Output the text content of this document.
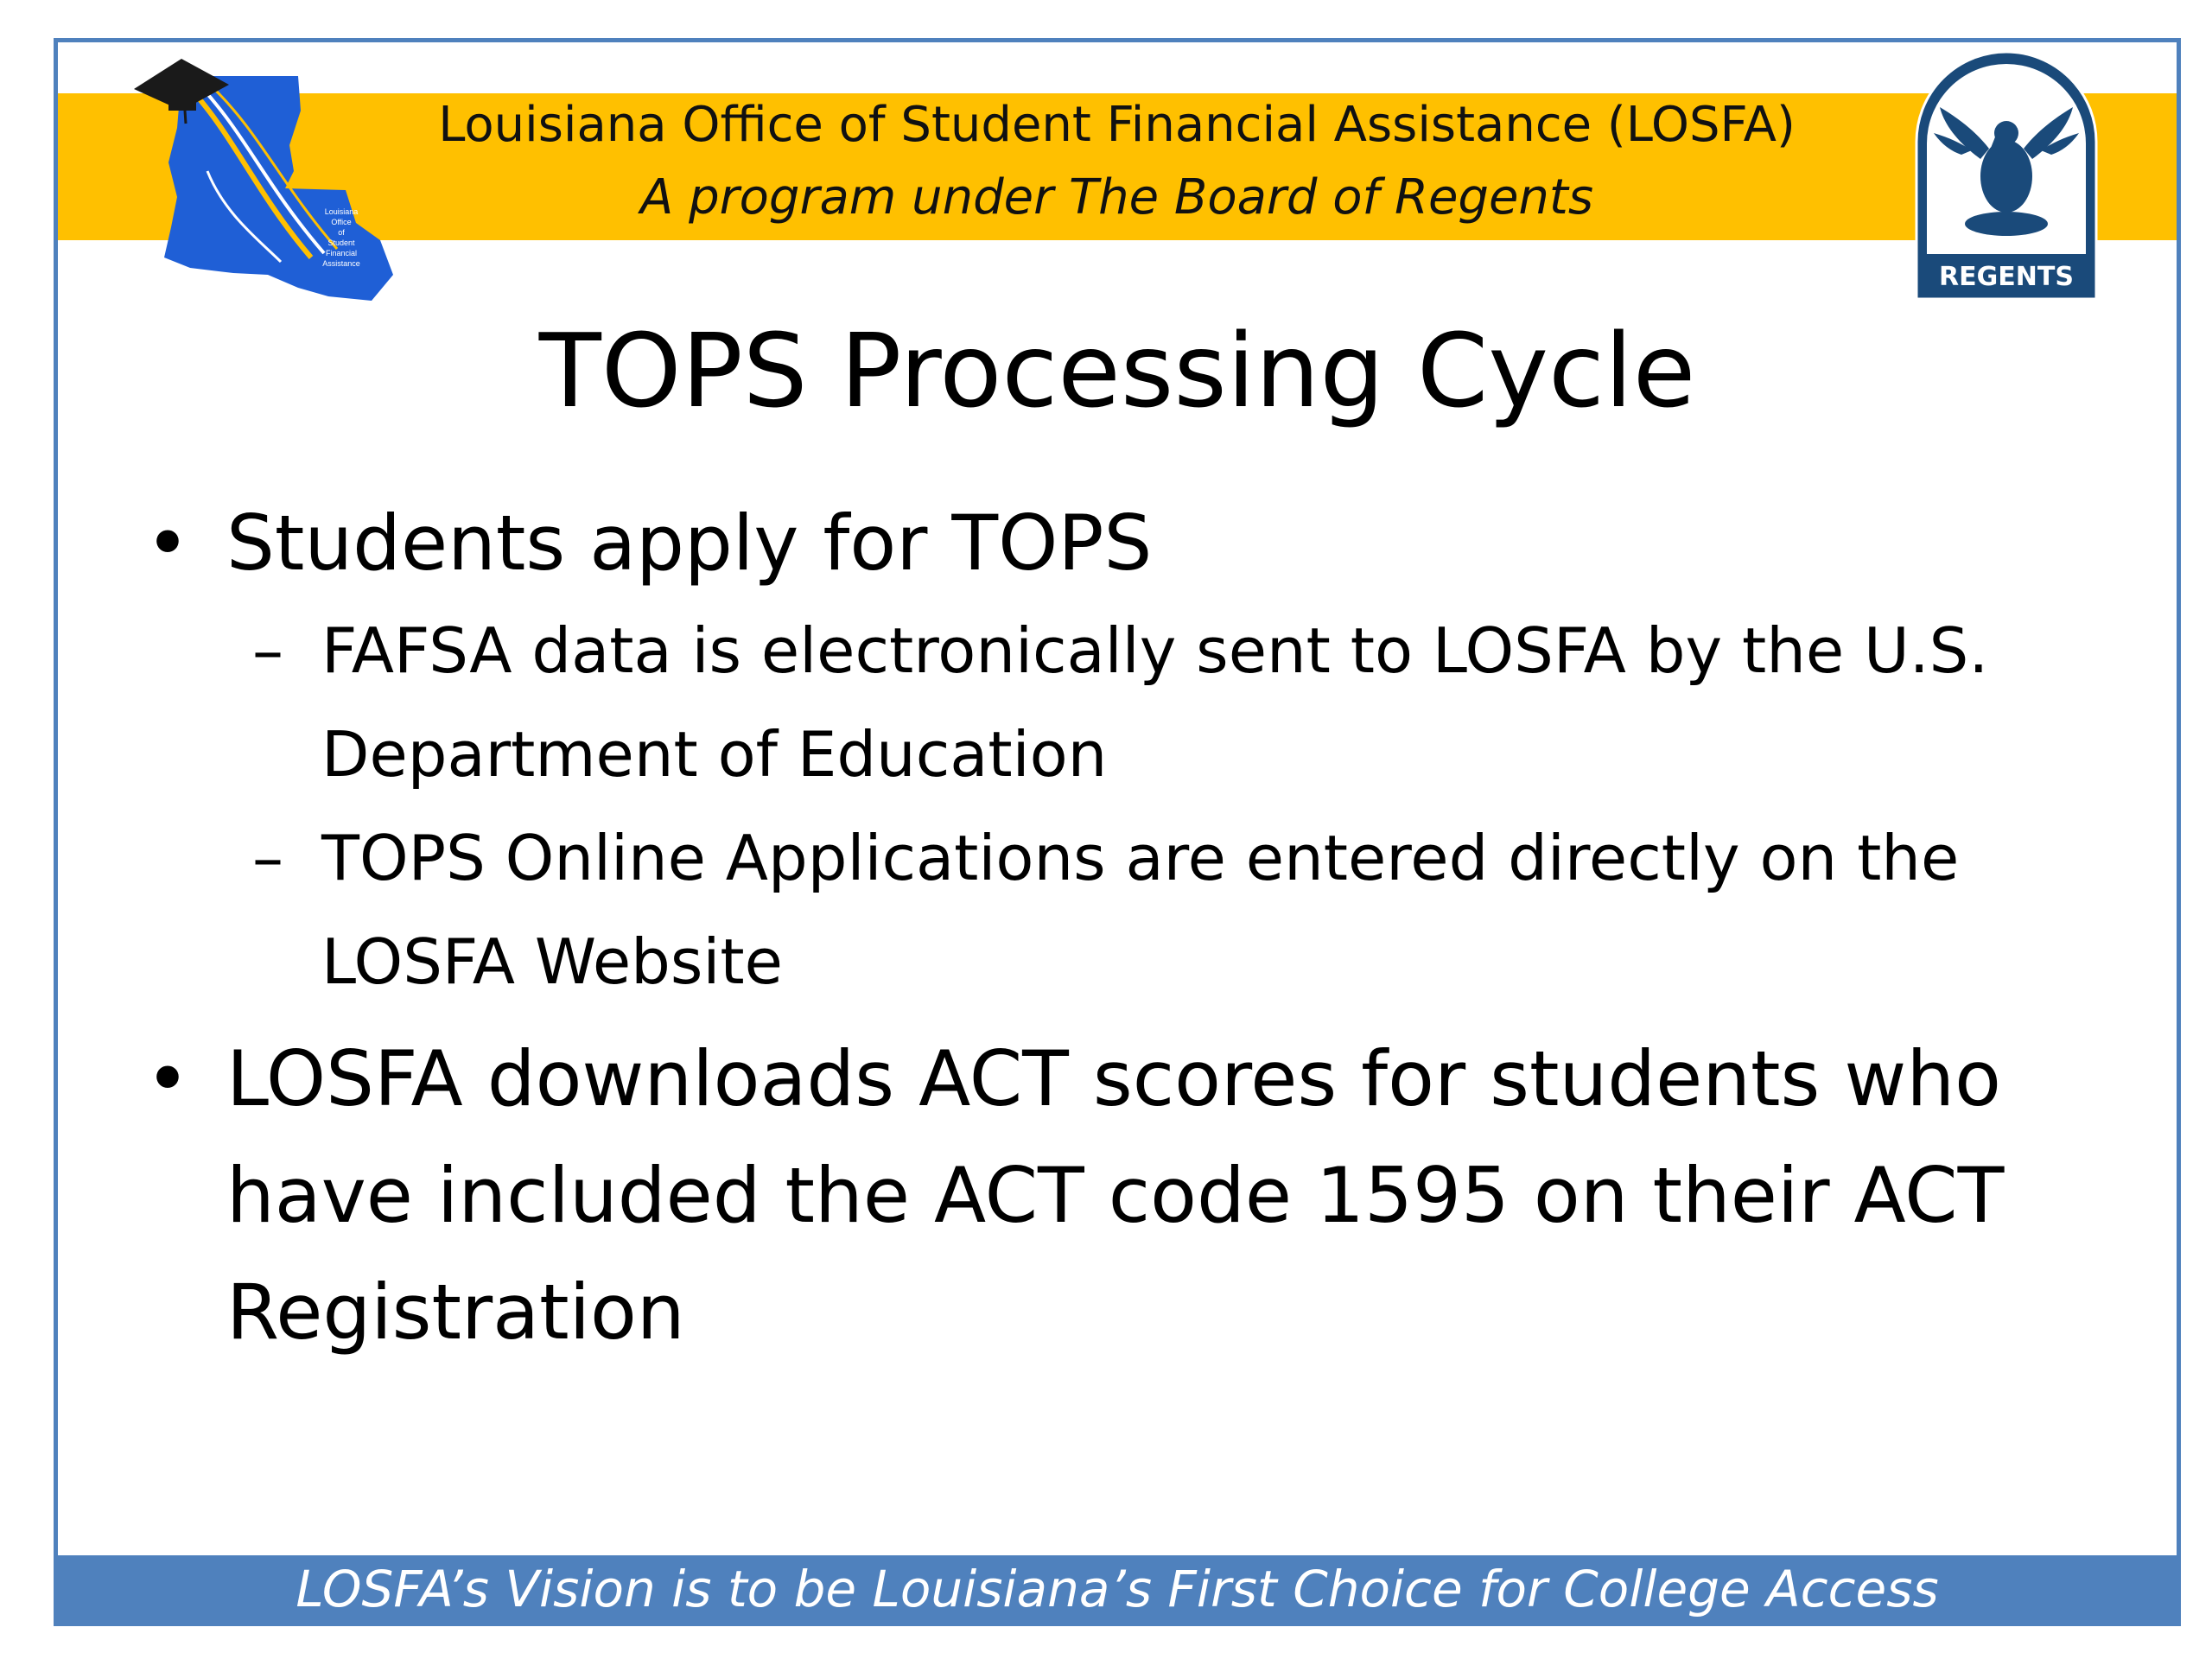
Louisiana Office of Student Financial Assistance (LOSFA)
A program under The Board of Regents
Louisiana
Office
of
Student
Financial
Assistance	REGENTS
TOPS Processing Cycle
• Students apply for TOPS
– FAFSA data is electronically sent to LOSFA by the U.S. Department of Education
– TOPS Online Applications are entered directly on the LOSFA Website
• LOSFA downloads ACT scores for students who have included the ACT code 1595 on their ACT Registration
LOSFA’s Vision is to be Louisiana’s First Choice for College Access
